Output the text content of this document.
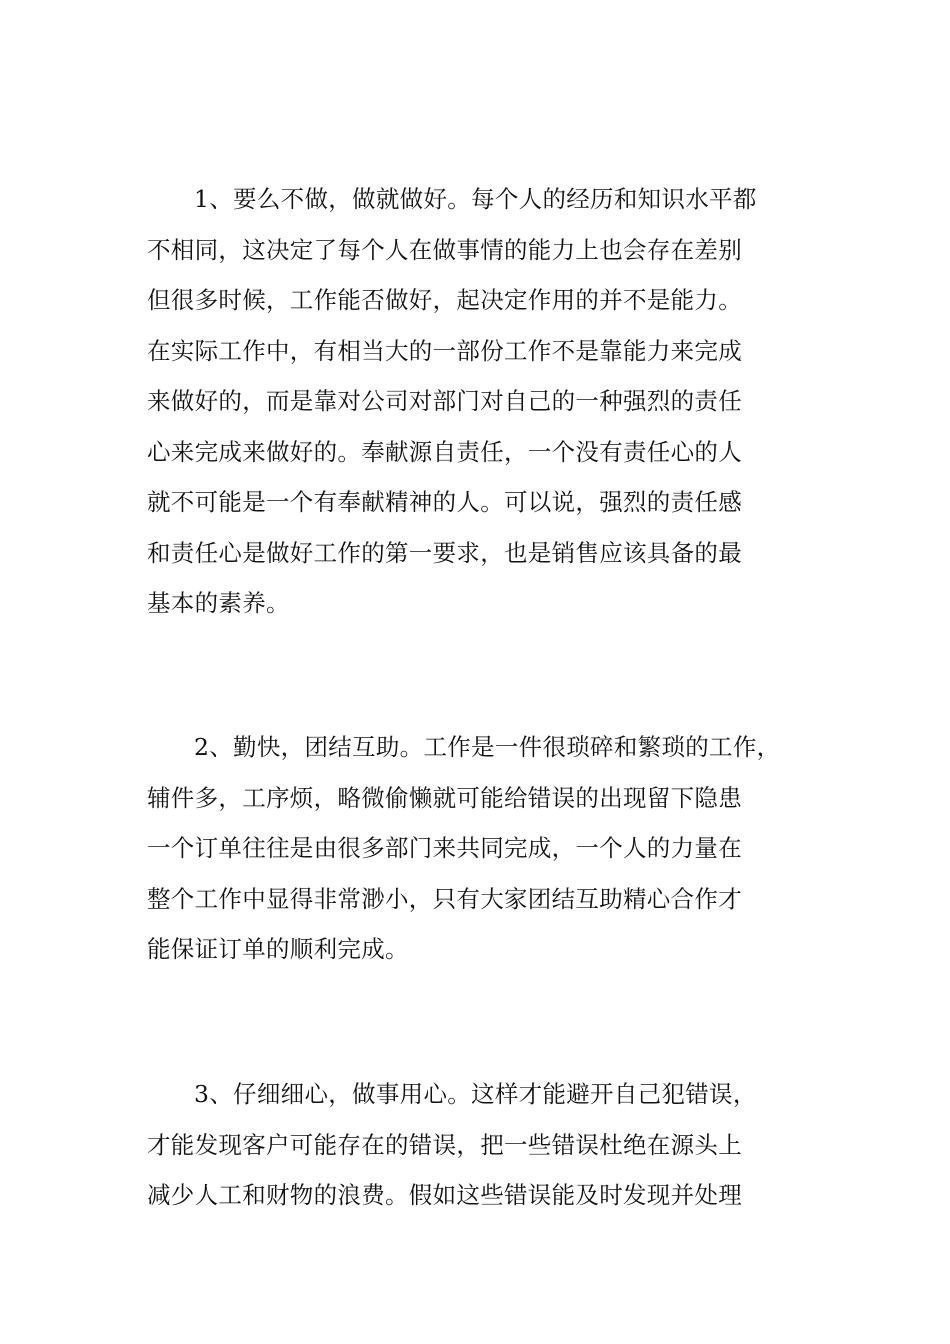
1、要么不做，做就做好。每个人的经历和知识水平都
不相同，这决定了每个人在做事情的能力上也会存在差别
但很多时候，工作能否做好，起决定作用的并不是能力。
在实际工作中，有相当大的一部份工作不是靠能力来完成
来做好的，而是靠对公司对部门对自己的一种强烈的责任
心来完成来做好的。奉献源自责任，一个没有责任心的人
就不可能是一个有奉献精神的人。可以说，强烈的责任感
和责任心是做好工作的第一要求，也是销售应该具备的最
基本的素养。
2、勤快，团结互助。工作是一件很琐碎和繁琐的工作，
辅件多，工序烦，略微偷懒就可能给错误的出现留下隐患
一个订单往往是由很多部门来共同完成，一个人的力量在
整个工作中显得非常渺小，只有大家团结互助精心合作才
能保证订单的顺利完成。
3、仔细细心，做事用心。这样才能避开自己犯错误，
才能发现客户可能存在的错误，把一些错误杜绝在源头上
减少人工和财物的浪费。假如这些错误能及时发现并处理
